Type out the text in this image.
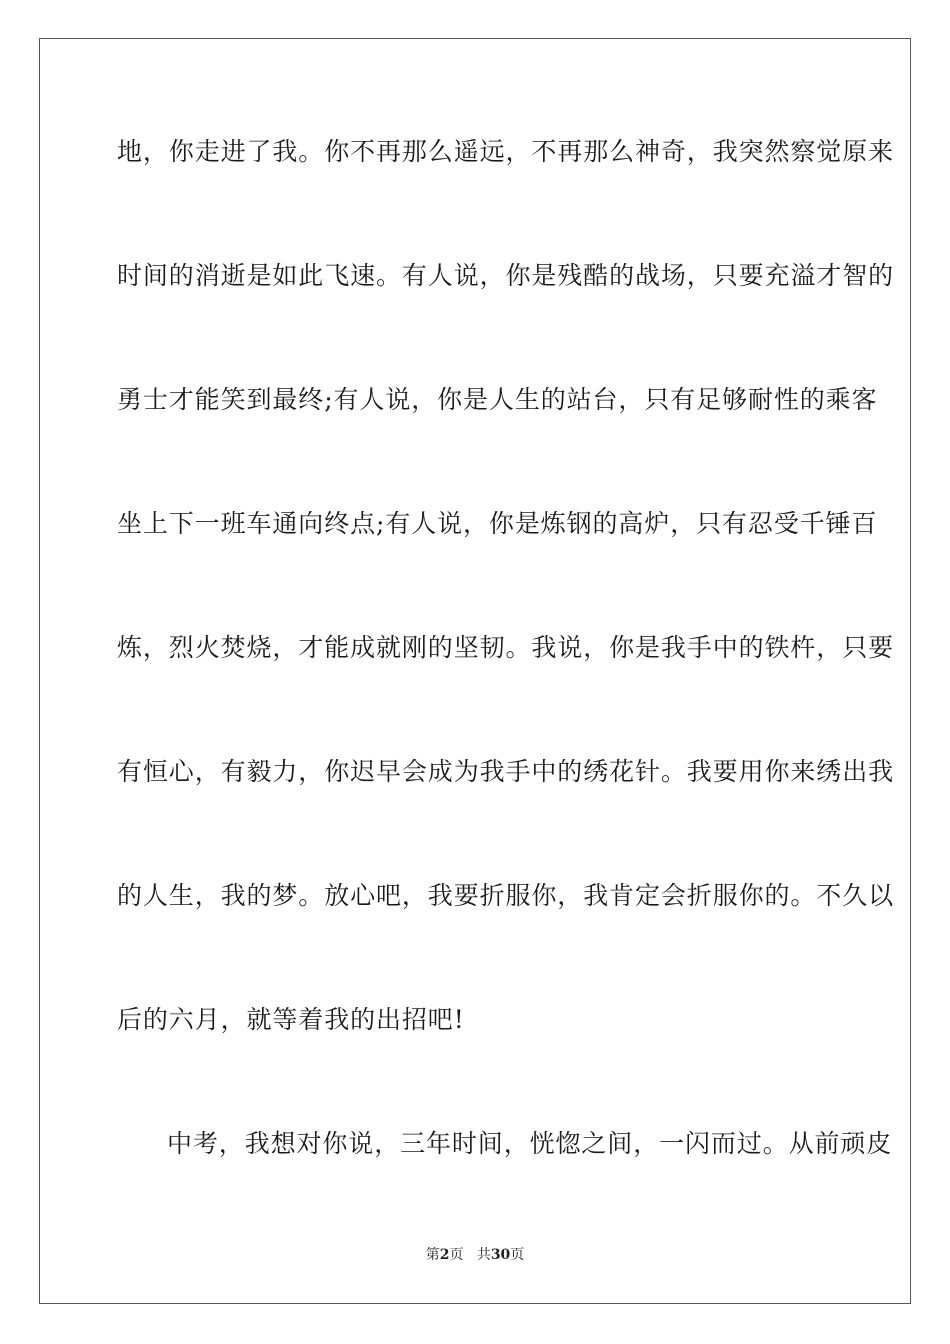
地，你走进了我。你不再那么遥远，不再那么神奇，我突然察觉原来
时间的消逝是如此飞速。有人说，你是残酷的战场，只要充溢才智的
勇士才能笑到最终;有人说，你是人生的站台，只有足够耐性的乘客
坐上下一班车通向终点;有人说，你是炼钢的高炉，只有忍受千锤百
炼，烈火焚烧，才能成就刚的坚韧。我说，你是我手中的铁杵，只要
有恒心，有毅力，你迟早会成为我手中的绣花针。我要用你来绣出我
的人生，我的梦。放心吧，我要折服你，我肯定会折服你的。不久以
后的六月，就等着我的出招吧!
中考，我想对你说，三年时间，恍惚之间，一闪而过。从前顽皮
第2页 共30页
